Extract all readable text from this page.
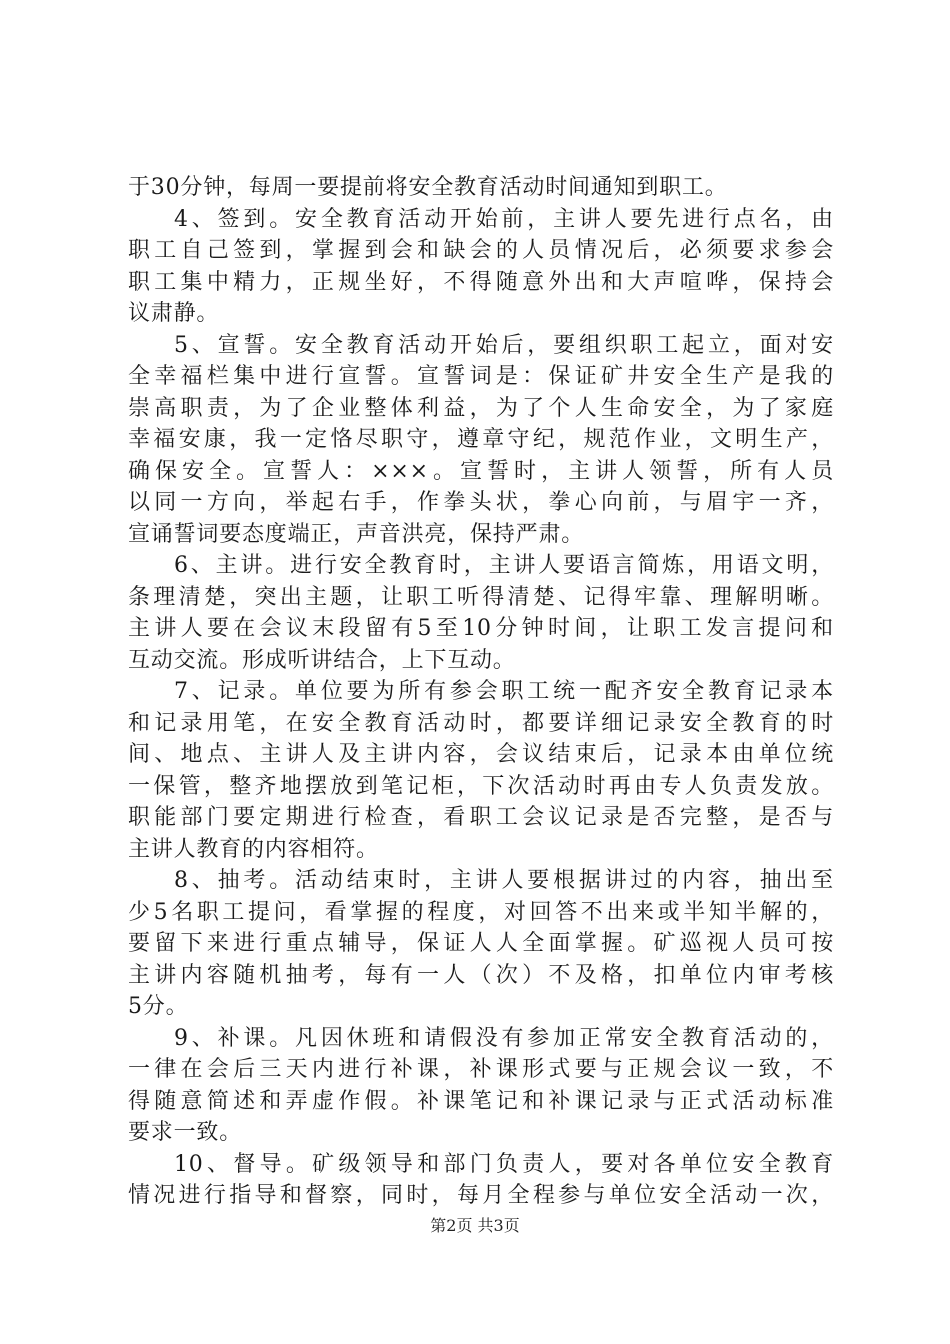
于30分钟，每周一要提前将安全教育活动时间通知到职工。
4、签到。安全教育活动开始前，主讲人要先进行点名，由
职工自己签到，掌握到会和缺会的人员情况后，必须要求参会
职工集中精力，正规坐好，不得随意外出和大声喧哗，保持会
议肃静。
5、宣誓。安全教育活动开始后，要组织职工起立，面对安
全幸福栏集中进行宣誓。宣誓词是：保证矿井安全生产是我的
崇高职责，为了企业整体利益，为了个人生命安全，为了家庭
幸福安康，我一定恪尽职守，遵章守纪，规范作业，文明生产，
确保安全。宣誓人：×××。宣誓时，主讲人领誓，所有人员
以同一方向，举起右手，作拳头状，拳心向前，与眉宇一齐，
宣诵誓词要态度端正，声音洪亮，保持严肃。
6、主讲。进行安全教育时，主讲人要语言简炼，用语文明，
条理清楚，突出主题，让职工听得清楚、记得牢靠、理解明晰。
主讲人要在会议末段留有5至10分钟时间，让职工发言提问和
互动交流。形成听讲结合，上下互动。
7、记录。单位要为所有参会职工统一配齐安全教育记录本
和记录用笔，在安全教育活动时，都要详细记录安全教育的时
间、地点、主讲人及主讲内容，会议结束后，记录本由单位统
一保管，整齐地摆放到笔记柜，下次活动时再由专人负责发放。
职能部门要定期进行检查，看职工会议记录是否完整，是否与
主讲人教育的内容相符。
8、抽考。活动结束时，主讲人要根据讲过的内容，抽出至
少5名职工提问，看掌握的程度，对回答不出来或半知半解的，
要留下来进行重点辅导，保证人人全面掌握。矿巡视人员可按
主讲内容随机抽考，每有一人（次）不及格，扣单位内审考核
5分。
9、补课。凡因休班和请假没有参加正常安全教育活动的，
一律在会后三天内进行补课，补课形式要与正规会议一致，不
得随意简述和弄虚作假。补课笔记和补课记录与正式活动标准
要求一致。
10、督导。矿级领导和部门负责人，要对各单位安全教育
情况进行指导和督察，同时，每月全程参与单位安全活动一次，
第2页 共3页
